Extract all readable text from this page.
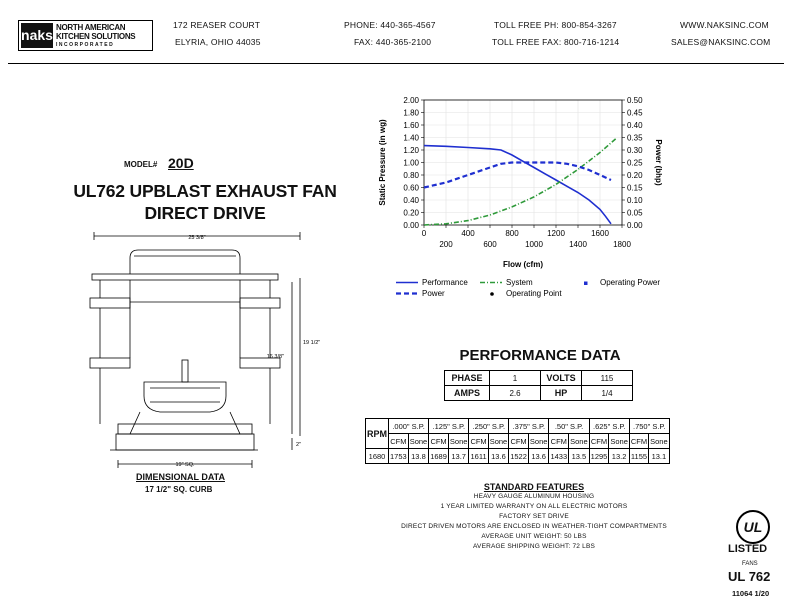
naks NORTH AMERICAN
KITCHEN SOLUTIONS
INCORPORATED
172 REASER COURT
ELYRIA, OHIO 44035
PHONE: 440-365-4567
FAX: 440-365-2100
TOLL FREE PH: 800-854-3267
TOLL FREE FAX: 800-716-1214
WWW.NAKSINC.COM
SALES@NAKSINC.COM
MODEL# 20D
UL762 UPBLAST EXHAUST FAN
DIRECT DRIVE
25 3/8"
19 1/2"
16 3/8"
2"
19" SQ.
DIMENSIONAL DATA
17 1/2" SQ. CURB
0.00
0.20
0.40
0.60
0.80
1.00
1.20
1.40
1.60
1.80
2.00
0.00
0.05
0.10
0.15
0.20
0.25
0.30
0.35
0.40
0.45
0.50
0
200
400
600
800
1000
1200
1400
1600
1800
Flow (cfm)
Static Pressure (in wg)	Power (bhp)
Performance	System	Operating Power
Power	Operating Point
PERFORMANCE DATA
PHASE	1	VOLTS	115
AMPS	2.6	HP	1/4
RPM	.000" S.P.		.125" S.P.		.250" S.P.		.375" S.P.		.50" S.P.		.625" S.P.		.750" S.P.	
	CFM	Sone	CFM	Sone	CFM	Sone	CFM	Sone	CFM	Sone	CFM	Sone	CFM	Sone
1680	1753	13.8	1689	13.7	1611	13.6	1522	13.6	1433	13.5	1295	13.2	1155	13.1
STANDARD FEATURES
HEAVY GAUGE ALUMINUM HOUSING
1 YEAR LIMITED WARRANTY ON ALL ELECTRIC MOTORS
FACTORY SET DRIVE
DIRECT DRIVEN MOTORS ARE ENCLOSED IN WEATHER-TIGHT COMPARTMENTS
AVERAGE UNIT WEIGHT: 50 LBS
AVERAGE SHIPPING WEIGHT: 72 LBS
UL
LISTED
FANS
UL 762
11064 1/20
